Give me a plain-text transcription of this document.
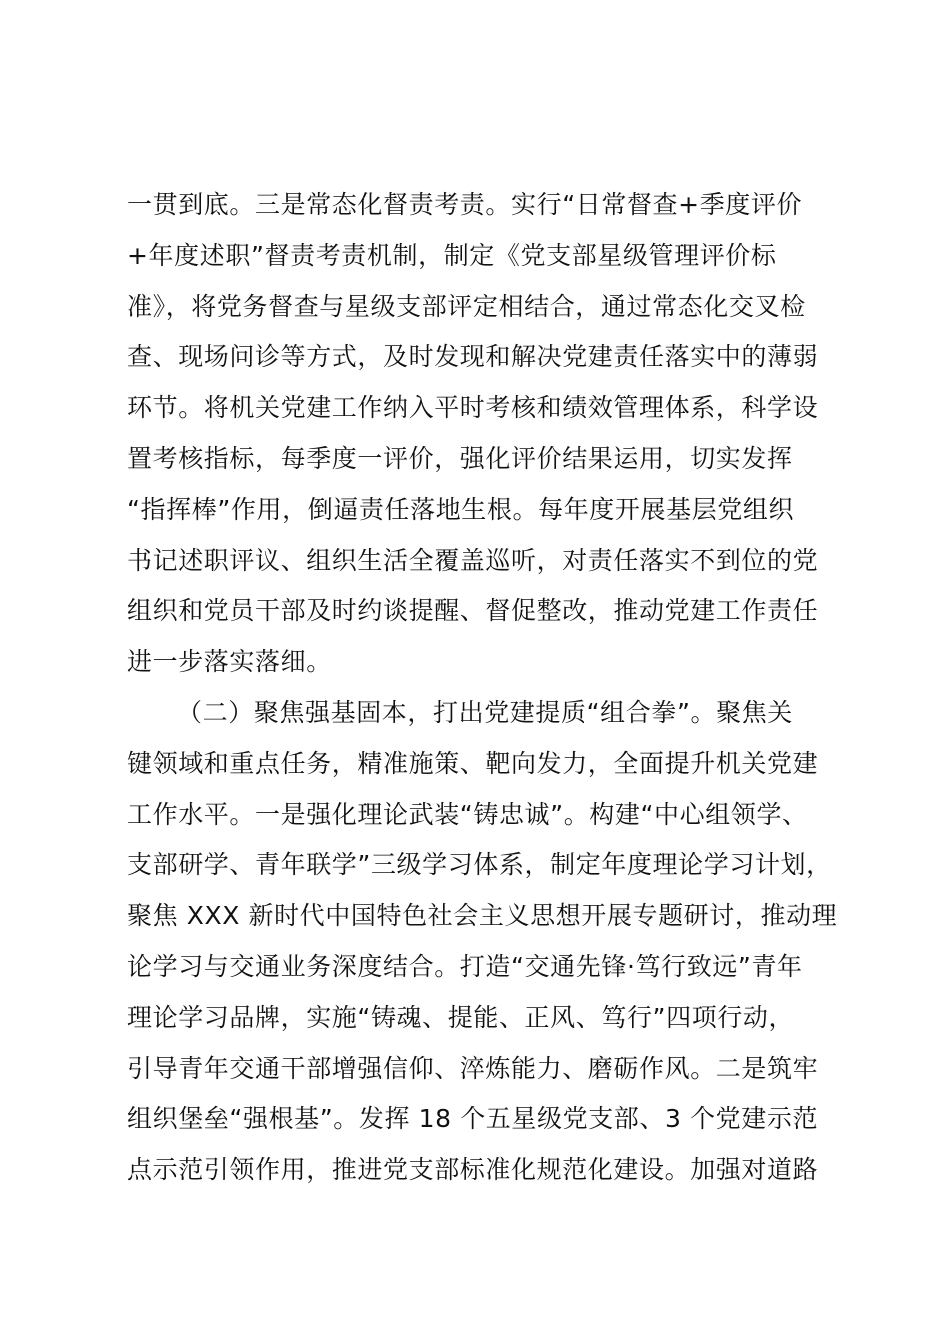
一贯到底。三是常态化督责考责。实行“日常督查+季度评价
+年度述职”督责考责机制，制定《党支部星级管理评价标
准》，将党务督查与星级支部评定相结合，通过常态化交叉检
查、现场问诊等方式，及时发现和解决党建责任落实中的薄弱
环节。将机关党建工作纳入平时考核和绩效管理体系，科学设
置考核指标，每季度一评价，强化评价结果运用，切实发挥
“指挥棒”作用，倒逼责任落地生根。每年度开展基层党组织
书记述职评议、组织生活全覆盖巡听，对责任落实不到位的党
组织和党员干部及时约谈提醒、督促整改，推动党建工作责任
进一步落实落细。
（二）聚焦强基固本，打出党建提质“组合拳”。聚焦关
键领域和重点任务，精准施策、靶向发力，全面提升机关党建
工作水平。一是强化理论武装“铸忠诚”。构建“中心组领学、
支部研学、青年联学”三级学习体系，制定年度理论学习计划，
聚焦 XXX 新时代中国特色社会主义思想开展专题研讨，推动理
论学习与交通业务深度结合。打造“交通先锋·笃行致远”青年
理论学习品牌，实施“铸魂、提能、正风、笃行”四项行动，
引导青年交通干部增强信仰、淬炼能力、磨砺作风。二是筑牢
组织堡垒“强根基”。发挥 18 个五星级党支部、3 个党建示范
点示范引领作用，推进党支部标准化规范化建设。加强对道路
